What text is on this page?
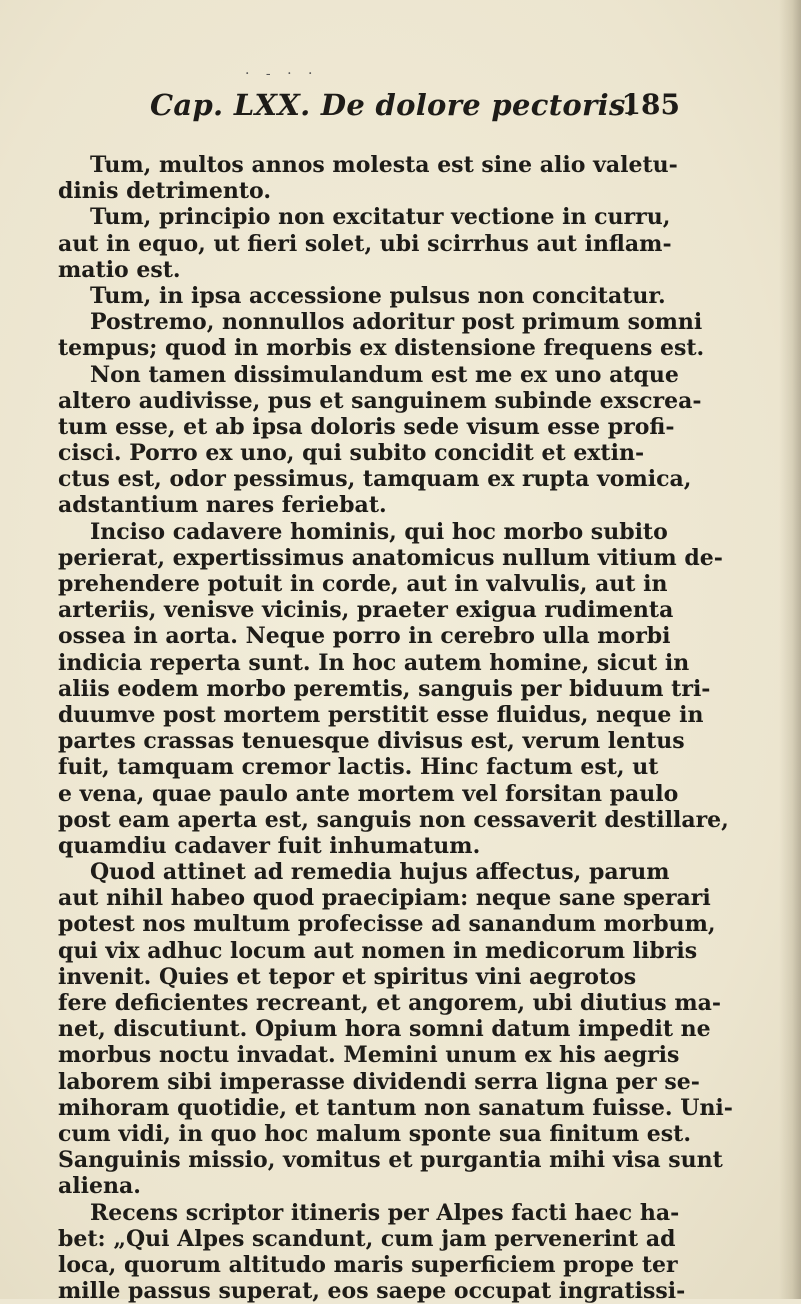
· - · ·
Cap. LXX. De dolore pectoris.
185
Tum, multos annos molesta est sine alio valetu-
dinis detrimento.
Tum, principio non excitatur vectione in curru,
aut in equo, ut fieri solet, ubi scirrhus aut inflam-
matio est.
Tum, in ipsa accessione pulsus non concitatur.
Postremo, nonnullos adoritur post primum somni
tempus; quod in morbis ex distensione frequens est.
Non tamen dissimulandum est me ex uno atque
altero audivisse, pus et sanguinem subinde exscrea-
tum esse, et ab ipsa doloris sede visum esse profi-
cisci. Porro ex uno, qui subito concidit et extin-
ctus est, odor pessimus, tamquam ex rupta vomica,
adstantium nares feriebat.
Inciso cadavere hominis, qui hoc morbo subito
perierat, expertissimus anatomicus nullum vitium de-
prehendere potuit in corde, aut in valvulis, aut in
arteriis, venisve vicinis, praeter exigua rudimenta
ossea in aorta. Neque porro in cerebro ulla morbi
indicia reperta sunt. In hoc autem homine, sicut in
aliis eodem morbo peremtis, sanguis per biduum tri-
duumve post mortem perstitit esse fluidus, neque in
partes crassas tenuesque divisus est, verum lentus
fuit, tamquam cremor lactis. Hinc factum est, ut
e vena, quae paulo ante mortem vel forsitan paulo
post eam aperta est, sanguis non cessaverit destillare,
quamdiu cadaver fuit inhumatum.
Quod attinet ad remedia hujus affectus, parum
aut nihil habeo quod praecipiam: neque sane sperari
potest nos multum profecisse ad sanandum morbum,
qui vix adhuc locum aut nomen in medicorum libris
invenit. Quies et tepor et spiritus vini aegrotos
fere deficientes recreant, et angorem, ubi diutius ma-
net, discutiunt. Opium hora somni datum impedit ne
morbus noctu invadat. Memini unum ex his aegris
laborem sibi imperasse dividendi serra ligna per se-
mihoram quotidie, et tantum non sanatum fuisse. Uni-
cum vidi, in quo hoc malum sponte sua finitum est.
Sanguinis missio, vomitus et purgantia mihi visa sunt
aliena.
Recens scriptor itineris per Alpes facti haec ha-
bet: „Qui Alpes scandunt, cum jam pervenerint ad
loca, quorum altitudo maris superficiem prope ter
mille passus superat, eos saepe occupat ingratissi-
